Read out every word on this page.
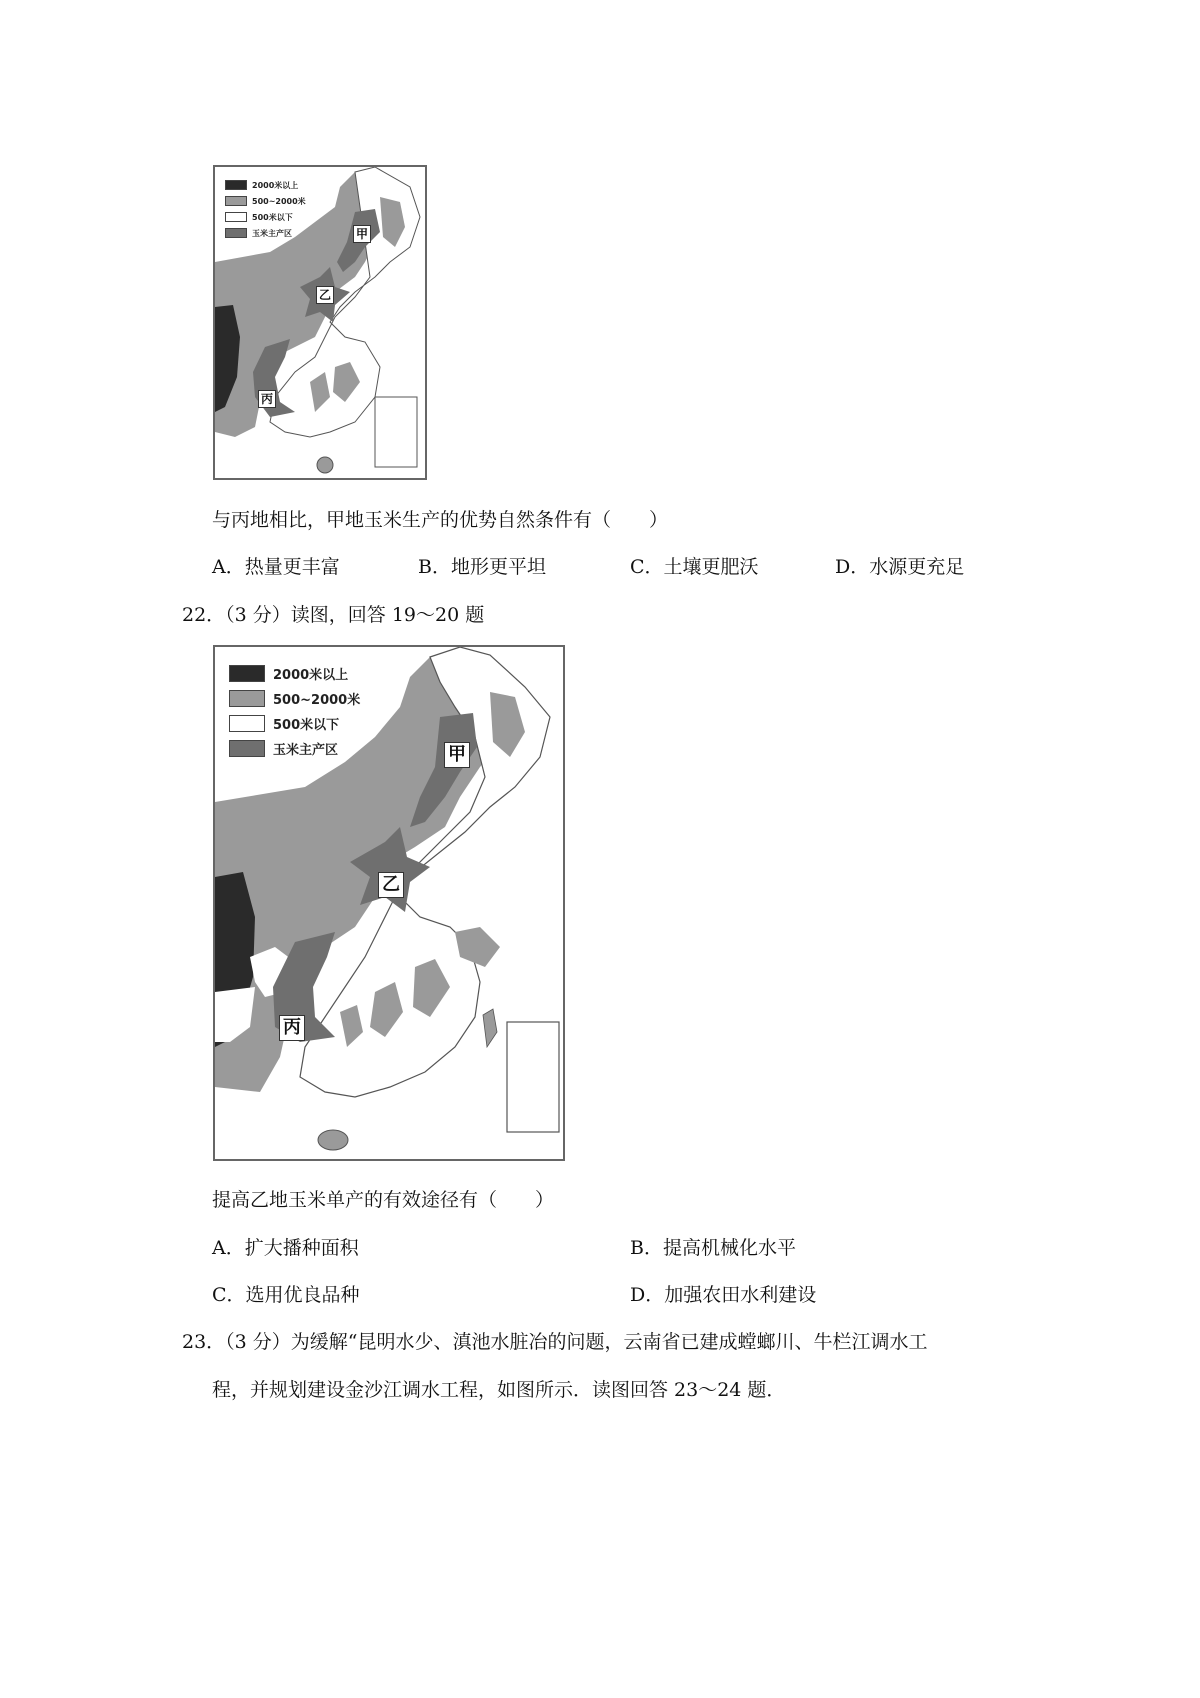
2000米以上
500~2000米
500米以下
玉米主产区	甲
乙
丙
与丙地相比，甲地玉米生产的优势自然条件有（　　）
A．热量更丰富	B．地形更平坦	C．土壤更肥沃	D．水源更充足
22．（3 分）读图，回答 19～20 题
2000米以上
500~2000米
500米以下
玉米主产区	甲
乙
丙
提高乙地玉米单产的有效途径有（　　）
A．扩大播种面积	B．提高机械化水平
C．选用优良品种	D．加强农田水利建设
23．（3 分）为缓解“昆明水少、滇池水脏冶的问题，云南省已建成螳螂川、牛栏江调水工
程，并规划建设金沙江调水工程，如图所示．读图回答 23～24 题．
